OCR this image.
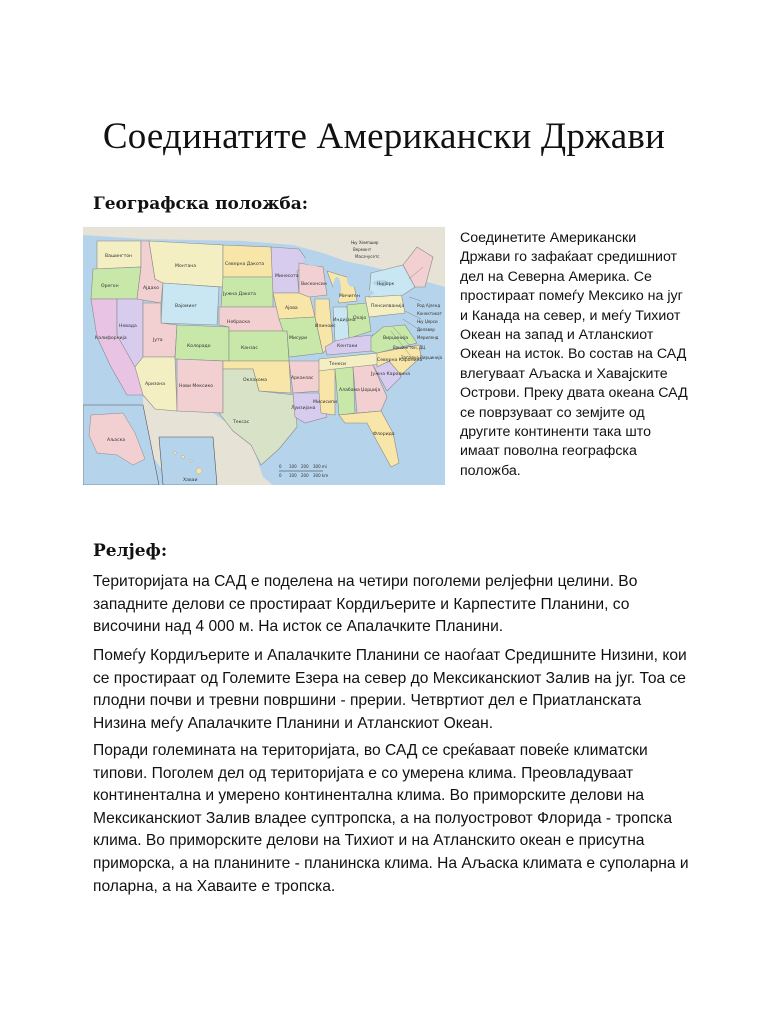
Соединатите Американски Држави
Географска положба:
Вашингтон
Орегон
Калифорнија
Невада
Ајдахо
Монтана
Вајоминг
Јута
Аризона
Колорадо
Нови Мексико
Северна Дакота
Јужна Дакота
Небраска
Канзас
Оклахома
Тексас
Минесота
Ајова
Мисури
Арканзас
Луизијана
Висконсин
Илиноис
Мичиген
Индијана
Охајо
Кентаки
Тенеси
Мисисипи
Алабама Џорџија
Флорида
Јужна Каролина
Северна Каролина
Вирџинија
Пенсилванија
Њујорк
Њу Хемпшир
Вермонт
Масачусетс
Род Ајленд
Конектикат
Њу Џерси
Делавер
Мериленд
Вашингтон, ДЦ
Западна Вирџинија
Аљаска
Хаваи
0 100 200 300 mi
0 100 200 300 km
Соединетите Американски Држави го зафаќаат средишниот дел на Северна Америка. Се простираат помеѓу Мексико на југ и Канада на север, и меѓу Тихиот Океан на запад и Атланскиот Океан на исток. Во состав на САД влегуваат Аљаска и Хавајските Острови. Преку двата океана САД се поврзуваат со земјите од другите континенти така што имаат поволна географска положба.
Релјеф:

Територијата на САД е поделена на четири поголеми релјефни целини. Во западните делови се простираат Кордиљерите и Карпестите Планини, со височини над 4 000 м. На исток се Апалачките Планини.

Помеѓу Кордиљерите и Апалачките Планини се наоѓаат Средишните Низини, кои се простираат од Големите Езера на север до Мексиканскиот Залив на југ. Тоа се плодни почви и тревни површини - прерии. Четвртиот дел е Приатланската Низина меѓу Апалачките Планини и Атланскиот Океан.

Поради големината на територијата, во САД се среќаваат повеќе климатски типови. Поголем дел од територијата е со умерена клима. Преовладуваат континентална и умерено континентална клима. Во приморските делови на Мексиканскиот Залив владее суптропска, а на полуостровот Флорида - тропска клима. Во приморските делови на Тихиот и на Атланскито океан е присутна приморска, а на планините - планинска клима. На Аљаска климата е суполарна и поларна, а на Хаваите е тропска.
